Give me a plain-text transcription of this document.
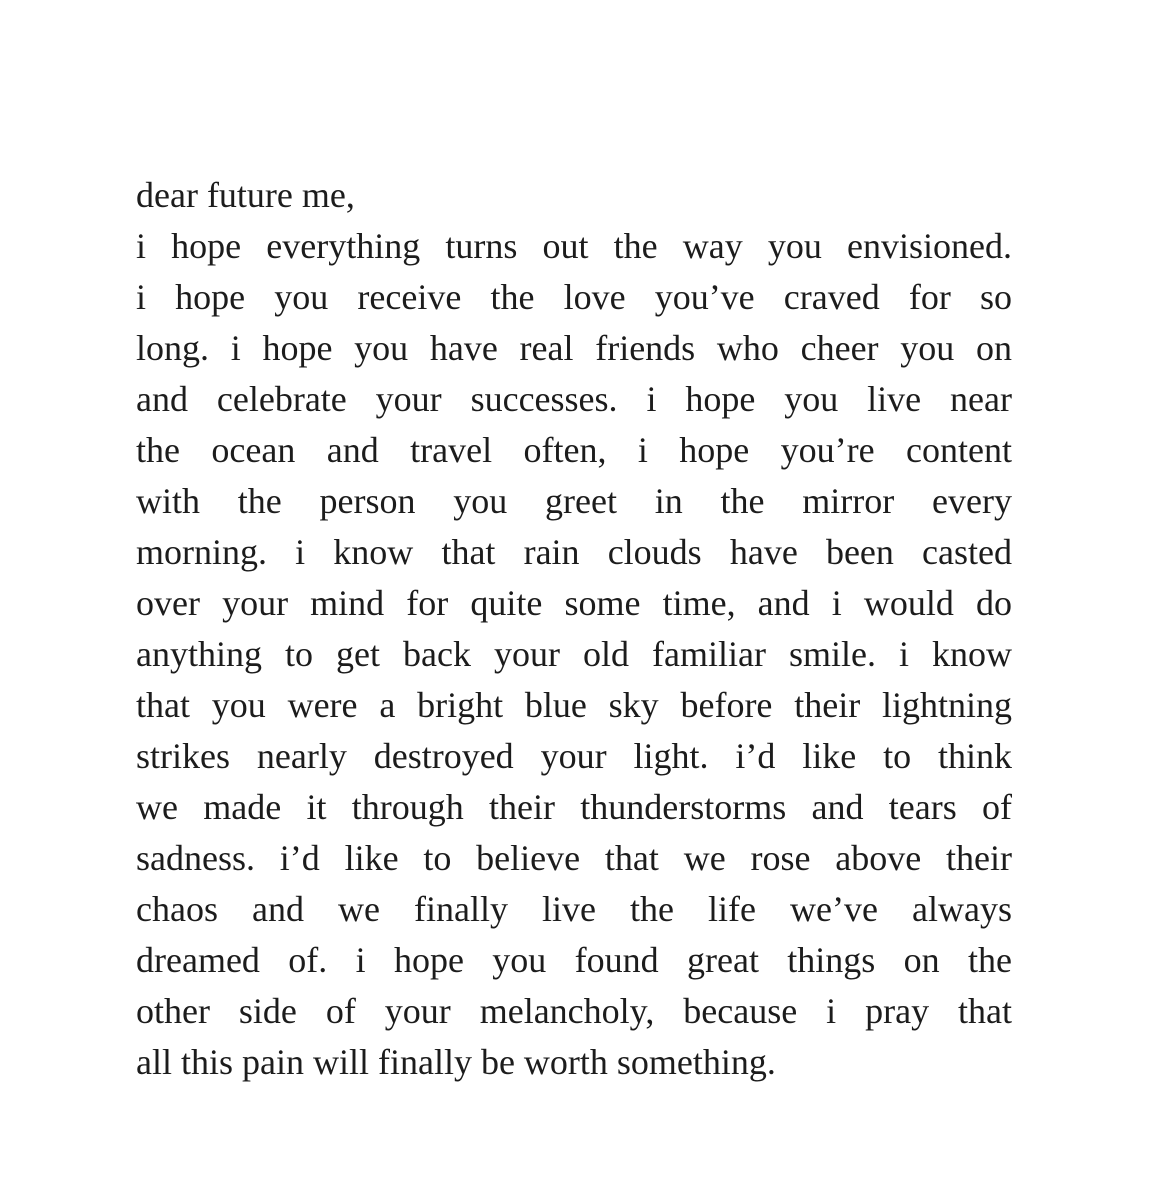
dear future me,
i hope everything turns out the way you envisioned.
i hope you receive the love you’ve craved for so
long. i hope you have real friends who cheer you on
and celebrate your successes. i hope you live near
the ocean and travel often, i hope you’re content
with the person you greet in the mirror every
morning. i know that rain clouds have been casted
over your mind for quite some time, and i would do
anything to get back your old familiar smile. i know
that you were a bright blue sky before their lightning
strikes nearly destroyed your light. i’d like to think
we made it through their thunderstorms and tears of
sadness. i’d like to believe that we rose above their
chaos and we finally live the life we’ve always
dreamed of. i hope you found great things on the
other side of your melancholy, because i pray that
all this pain will finally be worth something.
